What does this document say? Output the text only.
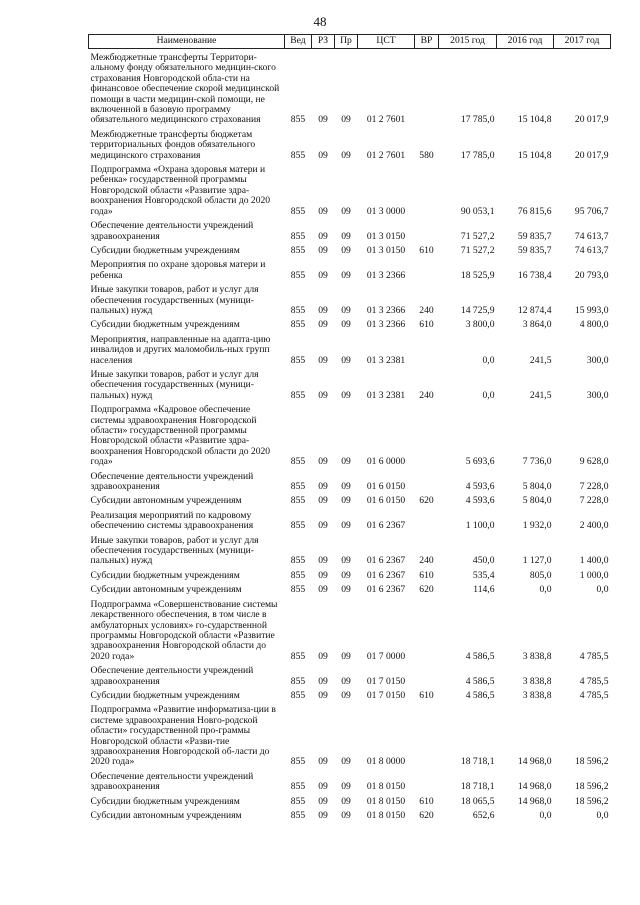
48
Наименование	Вед	РЗ	Пр	ЦСТ	ВР	2015 год	2016 год	2017 год
Межбюджетные трансферты Территори-альному фонду обязательного медицин-ского страхования Новгородской обла-сти на финансовое обеспечение скорой медицинской помощи в части медицин-ской помощи, не включенной в базовую программу обязательного медицинского страхования	855	09	09	01 2 7601		17 785,0	15 104,8	20 017,9
Межбюджетные трансферты бюджетам территориальных фондов обязательного медицинского страхования	855	09	09	01 2 7601	580	17 785,0	15 104,8	20 017,9
Подпрограмма «Охрана здоровья матери и ребенка» государственной программы Новгородской области «Развитие здра-воохранения Новгородской области до 2020 года»	855	09	09	01 3 0000		90 053,1	76 815,6	95 706,7
Обеспечение деятельности учреждений здравоохранения	855	09	09	01 3 0150		71 527,2	59 835,7	74 613,7
Субсидии бюджетным учреждениям	855	09	09	01 3 0150	610	71 527,2	59 835,7	74 613,7
Мероприятия по охране здоровья матери и ребенка	855	09	09	01 3 2366		18 525,9	16 738,4	20 793,0
Иные закупки товаров, работ и услуг для обеспечения государственных (муници-пальных) нужд	855	09	09	01 3 2366	240	14 725,9	12 874,4	15 993,0
Субсидии бюджетным учреждениям	855	09	09	01 3 2366	610	3 800,0	3 864,0	4 800,0
Мероприятия, направленные на адапта-цию инвалидов и других маломобиль-ных групп населения	855	09	09	01 3 2381		0,0	241,5	300,0
Иные закупки товаров, работ и услуг для обеспечения государственных (муници-пальных) нужд	855	09	09	01 3 2381	240	0,0	241,5	300,0
Подпрограмма «Кадровое обеспечение системы здравоохранения Новгородской области» государственной программы Новгородской области «Развитие здра-воохранения Новгородской области до 2020 года»	855	09	09	01 6 0000		5 693,6	7 736,0	9 628,0
Обеспечение деятельности учреждений здравоохранения	855	09	09	01 6 0150		4 593,6	5 804,0	7 228,0
Субсидии автономным учреждениям	855	09	09	01 6 0150	620	4 593,6	5 804,0	7 228,0
Реализация мероприятий по кадровому обеспечению системы здравоохранения	855	09	09	01 6 2367		1 100,0	1 932,0	2 400,0
Иные закупки товаров, работ и услуг для обеспечения государственных (муници-пальных) нужд	855	09	09	01 6 2367	240	450,0	1 127,0	1 400,0
Субсидии бюджетным учреждениям	855	09	09	01 6 2367	610	535,4	805,0	1 000,0
Субсидии автономным учреждениям	855	09	09	01 6 2367	620	114,6	0,0	0,0
Подпрограмма «Совершенствование системы лекарственного обеспечения, в том числе в амбулаторных условиях» го-сударственной программы Новгородской области «Развитие здравоохранения Новгородской области до 2020 года»	855	09	09	01 7 0000		4 586,5	3 838,8	4 785,5
Обеспечение деятельности учреждений здравоохранения	855	09	09	01 7 0150		4 586,5	3 838,8	4 785,5
Субсидии бюджетным учреждениям	855	09	09	01 7 0150	610	4 586,5	3 838,8	4 785,5
Подпрограмма «Развитие информатиза-ции в системе здравоохранения Новго-родской области» государственной про-граммы Новгородской области «Разви-тие здравоохранения Новгородской об-ласти до 2020 года»	855	09	09	01 8 0000		18 718,1	14 968,0	18 596,2
Обеспечение деятельности учреждений здравоохранения	855	09	09	01 8 0150		18 718,1	14 968,0	18 596,2
Субсидии бюджетным учреждениям	855	09	09	01 8 0150	610	18 065,5	14 968,0	18 596,2
Субсидии автономным учреждениям	855	09	09	01 8 0150	620	652,6	0,0	0,0
